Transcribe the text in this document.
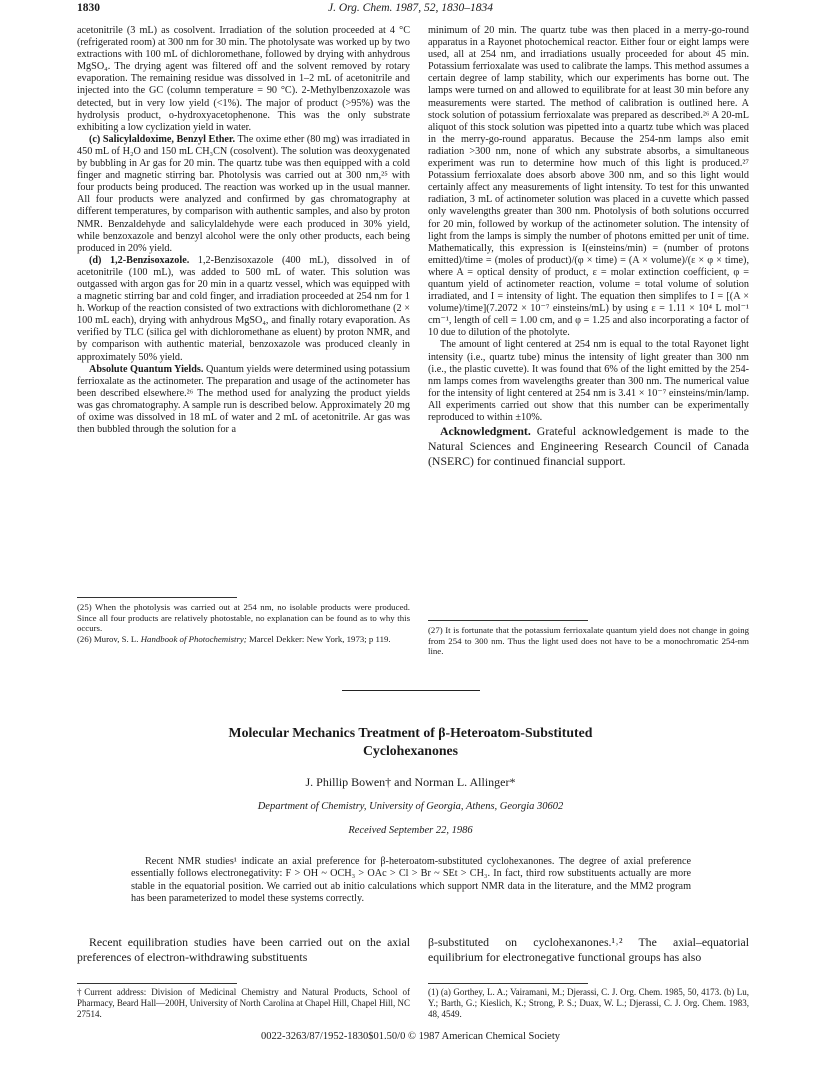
1830	J. Org. Chem. 1987, 52, 1830–1834

acetonitrile (3 mL) as cosolvent. Irradiation of the solution proceeded at 4 °C (refrigerated room) at 300 nm for 30 min. The photolysate was worked up by two extractions with 100 mL of dichloromethane, followed by drying with anhydrous MgSO₄. The drying agent was filtered off and the solvent removed by rotary evaporation. The remaining residue was dissolved in 1–2 mL of acetonitrile and injected into the GC (column temperature = 90 °C). 2-Methylbenzoxazole was detected, but in very low yield (<1%). The major of product (>95%) was the hydrolysis product, o-hydroxyacetophenone. This was the only substrate exhibiting a low cyclization yield in water.

(c) Salicylaldoxime, Benzyl Ether. The oxime ether (80 mg) was irradiated in 450 mL of H₂O and 150 mL CH₃CN (cosolvent). The solution was deoxygenated by bubbling in Ar gas for 20 min. The quartz tube was then equipped with a cold finger and magnetic stirring bar. Photolysis was carried out at 300 nm,²⁵ with four products being produced. The reaction was worked up in the usual manner. All four products were analyzed and confirmed by gas chromatography at different temperatures, by comparison with authentic samples, and also by proton NMR. Benzaldehyde and salicylaldehyde were each produced in 30% yield, while benzoxazole and benzyl alcohol were the only other products, each being produced in 20% yield.

(d) 1,2-Benzisoxazole. 1,2-Benzisoxazole (400 mL), dissolved in of acetonitrile (100 mL), was added to 500 mL of water. This solution was outgassed with argon gas for 20 min in a quartz vessel, which was equipped with a magnetic stirring bar and cold finger, and irradiation proceeded at 254 nm for 1 h. Workup of the reaction consisted of two extractions with dichloromethane (2 × 100 mL each), drying with anhydrous MgSO₄, and finally rotary evaporation. As verified by TLC (silica gel with dichloromethane as eluent) by proton NMR, and by comparison with authentic material, benzoxazole was produced cleanly in approximately 50% yield.

Absolute Quantum Yields. Quantum yields were determined using potassium ferrioxalate as the actinometer. The preparation and usage of the actinometer has been described elsewhere.²⁶ The method used for analyzing the product yields was gas chromatography. A sample run is described below. Approximately 20 mg of oxime was dissolved in 18 mL of water and 2 mL of acetonitrile. Ar gas was then bubbled through the solution for a

minimum of 20 min. The quartz tube was then placed in a merry-go-round apparatus in a Rayonet photochemical reactor. Either four or eight lamps were used, all at 254 nm, and irradiations usually proceeded for about 45 min. Potassium ferrioxalate was used to calibrate the lamps. This method assumes a certain degree of lamp stability, which our experiments has borne out. The lamps were turned on and allowed to equilibrate for at least 30 min before any measurements were started. The method of calibration is outlined here. A stock solution of potassium ferrioxalate was prepared as described.²⁶ A 20-mL aliquot of this stock solution was pipetted into a quartz tube which was placed in the merry-go-round apparatus. Because the 254-nm lamps also emit radiation >300 nm, none of which any substrate absorbs, a simultaneous experiment was run to determine how much of this light is produced.²⁷ Potassium ferrioxalate does absorb above 300 nm, and so this light would certainly affect any measurements of light intensity. To test for this unwanted radiation, 3 mL of actinometer solution was placed in a cuvette which passed only wavelengths greater than 300 nm. Photolysis of both solutions occurred for 20 min, followed by workup of the actinometer solution. The intensity of light from the lamps is simply the number of photons emitted per unit of time. Mathematically, this expression is I(einsteins/min) = (number of protons emitted)/time = (moles of product)/(φ × time) = (A × volume)/(ε × φ × time), where A = optical density of product, ε = molar extinction coefficient, φ = quantum yield of actinometer reaction, volume = total volume of solution irradiated, and I = intensity of light. The equation then simplifes to I = [(A × volume)/time](7.2072 × 10⁻⁷ einsteins/mL) by using ε = 1.11 × 10⁴ L mol⁻¹ cm⁻¹, length of cell = 1.00 cm, and φ = 1.25 and also incorporating a factor of 10 due to dilution of the photolyte.

The amount of light centered at 254 nm is equal to the total Rayonet light intensity (i.e., quartz tube) minus the intensity of light greater than 300 nm (i.e., the plastic cuvette). It was found that 6% of the light emitted by the 254-nm lamps comes from wavelengths greater than 300 nm. The numerical value for the intensity of light centered at 254 nm is 3.41 × 10⁻⁷ einsteins/min/lamp. All experiments carried out show that this number can be experimentally reproduced to within ±10%.

Acknowledgment. Grateful acknowledgement is made to the Natural Sciences and Engineering Research Council of Canada (NSERC) for continued financial support.

(25) When the photolysis was carried out at 254 nm, no isolable products were produced. Since all four products are relatively photostable, no explanation can be found as to why this occurs.
(26) Murov, S. L. Handbook of Photochemistry; Marcel Dekker: New York, 1973; p 119.
(27) It is fortunate that the potassium ferrioxalate quantum yield does not change in going from 254 to 300 nm. Thus the light used does not have to be a monochromatic 254-nm line.
Molecular Mechanics Treatment of β-Heteroatom-Substituted
Cyclohexanones
J. Phillip Bowen† and Norman L. Allinger*
Department of Chemistry, University of Georgia, Athens, Georgia 30602
Received September 22, 1986

Recent NMR studies¹ indicate an axial preference for β-heteroatom-substituted cyclohexanones. The degree of axial preference essentially follows electronegativity: F > OH ~ OCH₃ > OAc > Cl > Br ~ SEt > CH₃. In fact, third row substituents actually are more stable in the equatorial position. We carried out ab initio calculations which support NMR data in the literature, and the MM2 program has been parameterized to model these systems correctly.

Recent equilibration studies have been carried out on the axial preferences of electron-withdrawing substituents

β-substituted on cyclohexanones.¹˒² The axial–equatorial equilibrium for electronegative functional groups has also

†Current address: Division of Medicinal Chemistry and Natural Products, School of Pharmacy, Beard Hall—200H, University of North Carolina at Chapel Hill, Chapel Hill, NC 27514.
(1) (a) Gorthey, L. A.; Vairamani, M.; Djerassi, C. J. Org. Chem. 1985, 50, 4173. (b) Lu, Y.; Barth, G.; Kieslich, K.; Strong, P. S.; Duax, W. L.; Djerassi, C. J. Org. Chem. 1983, 48, 4549.
0022-3263/87/1952-1830$01.50/0 © 1987 American Chemical Society
